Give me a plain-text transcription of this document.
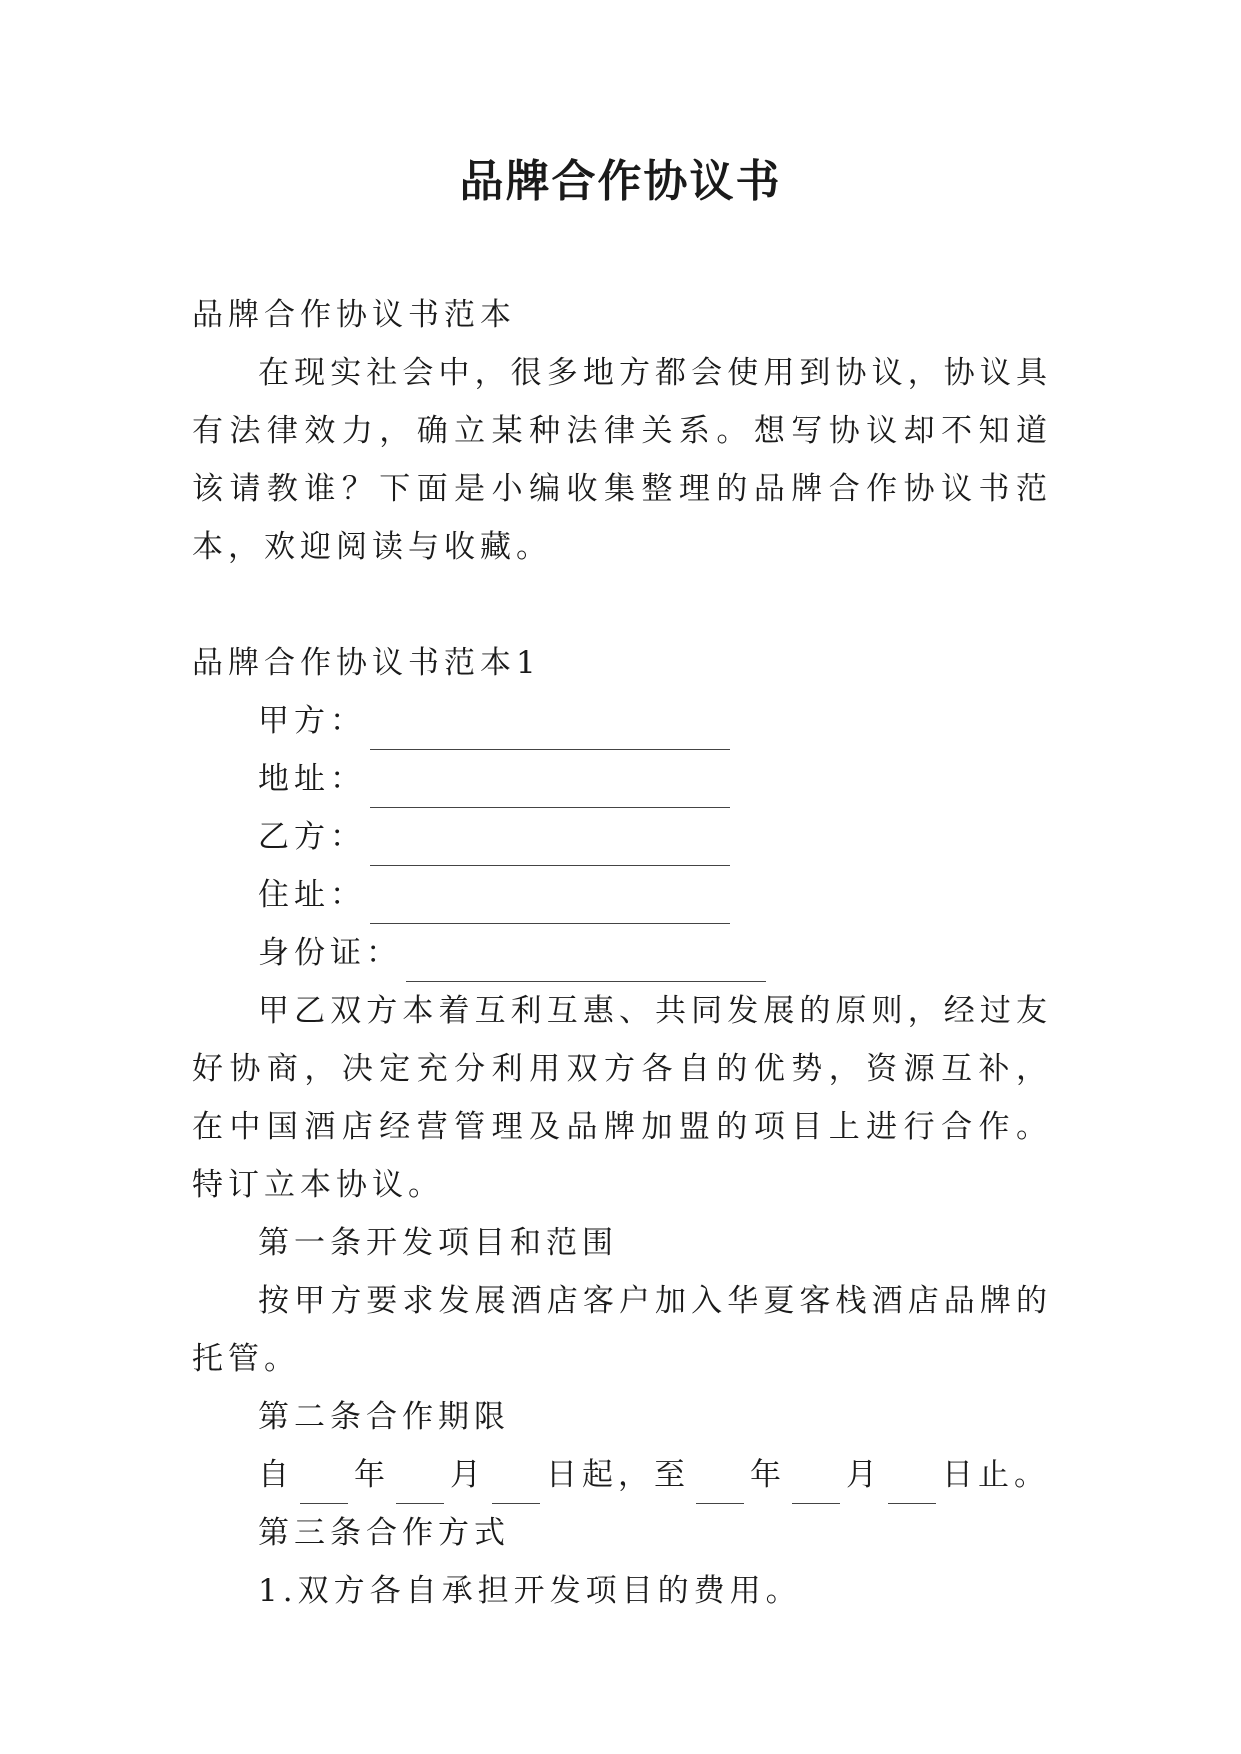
品牌合作协议书

品牌合作协议书范本

在现实社会中，很多地方都会使用到协议，协议具有法律效力，确立某种法律关系。想写协议却不知道该请教谁？下面是小编收集整理的品牌合作协议书范本，欢迎阅读与收藏。

品牌合作协议书范本1

甲方：
地址：
乙方：
住址：
身份证：

甲乙双方本着互利互惠、共同发展的原则，经过友好协商，决定充分利用双方各自的优势，资源互补，在中国酒店经营管理及品牌加盟的项目上进行合作。特订立本协议。

第一条开发项目和范围

按甲方要求发展酒店客户加入华夏客栈酒店品牌的托管。

第二条合作期限

自 年 月 日起，至 年 月 日止。

第三条合作方式

1.双方各自承担开发项目的费用。
